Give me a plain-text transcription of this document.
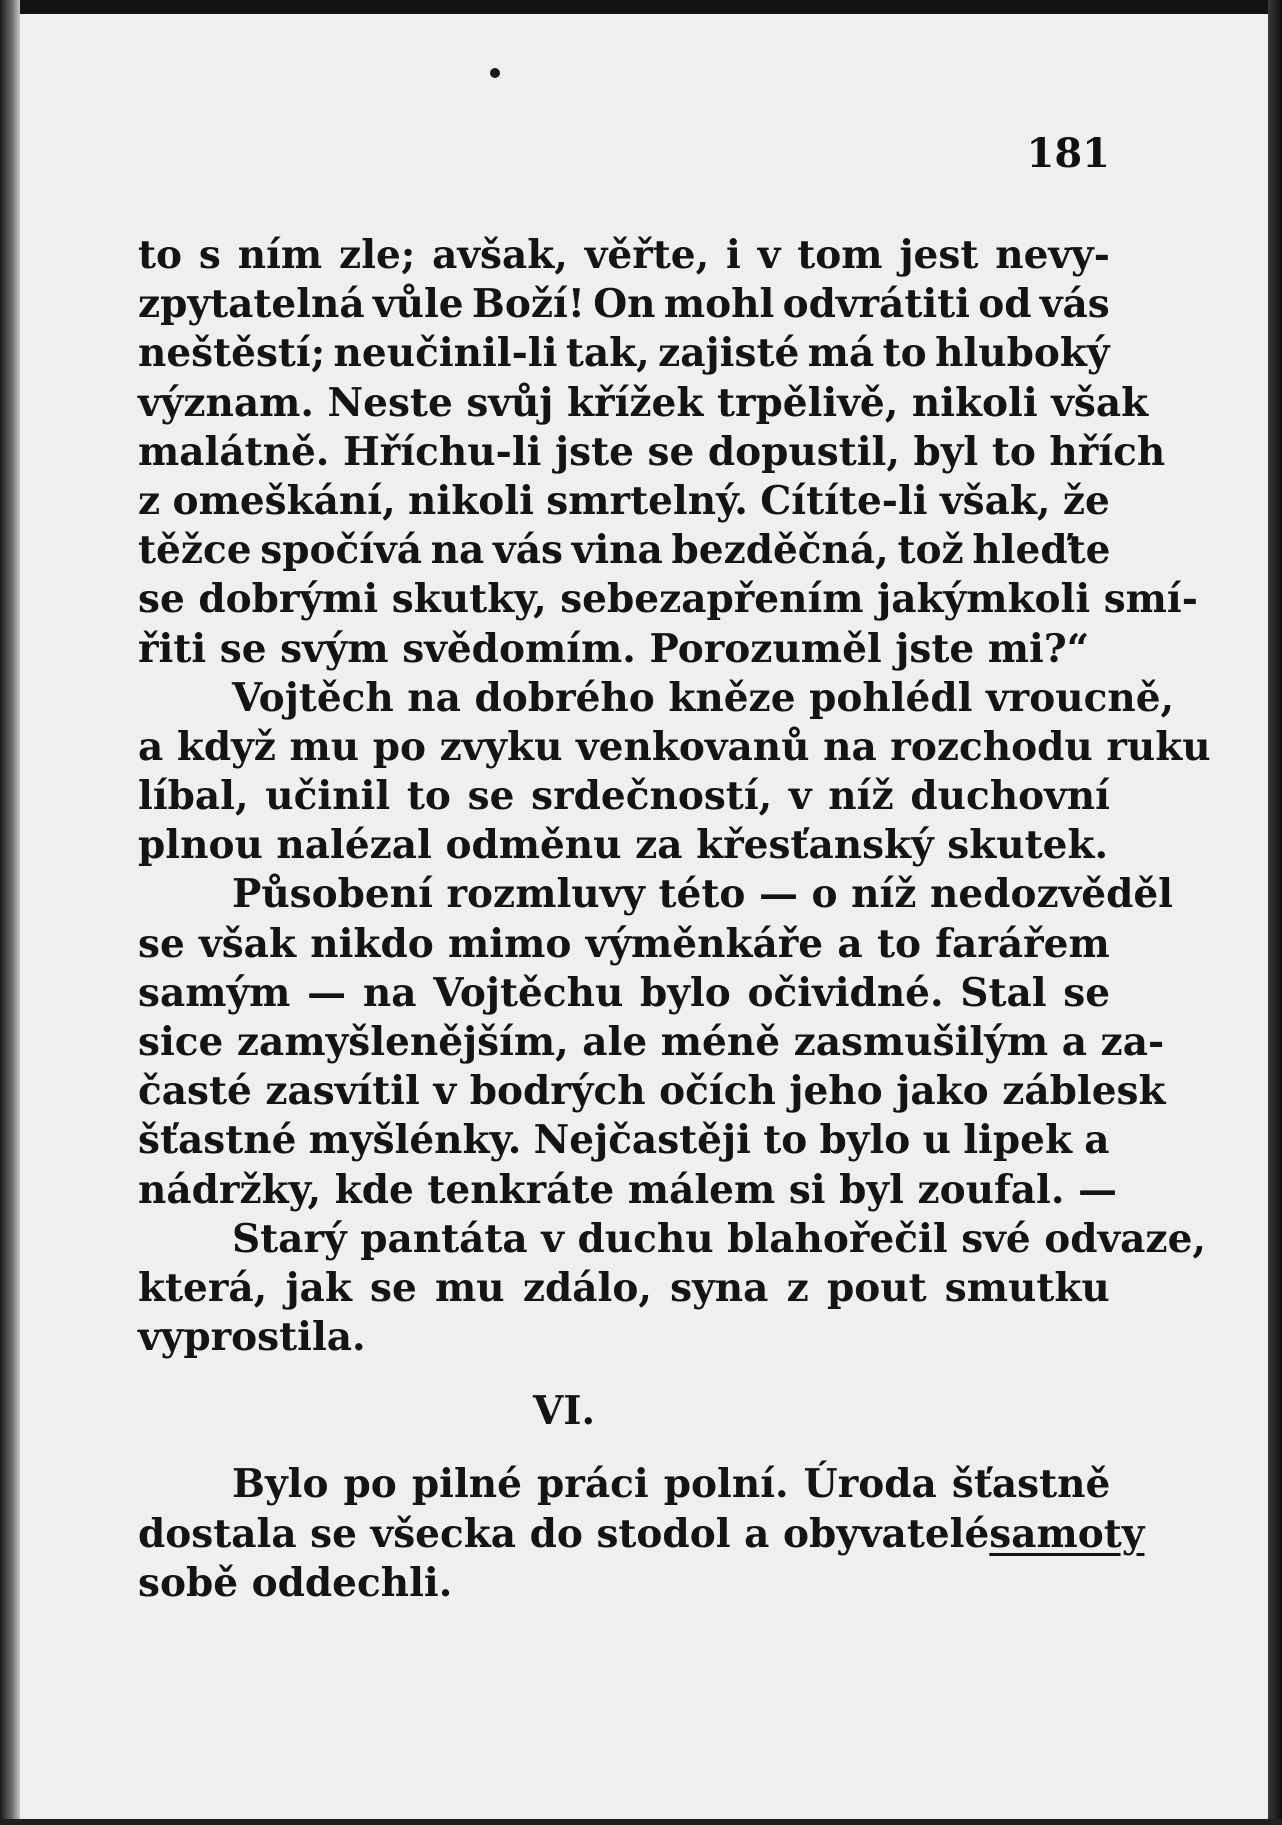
181
to s ním zle; avšak, věřte, i v tom jest nevy-
zpytatelná vůle Boží! On mohl odvrátiti od vás
neštěstí; neučinil-li tak, zajisté má to hluboký
význam. Neste svůj křížek trpělivě, nikoli však
malátně. Hříchu-li jste se dopustil, byl to hřích
z omeškání, nikoli smrtelný. Cítíte-li však, že
těžce spočívá na vás vina bezděčná, tož hleďte
se dobrými skutky, sebezapřením jakýmkoli smí-
řiti se svým svědomím. Porozuměl jste mi?“
Vojtěch na dobrého kněze pohlédl vroucně,
a když mu po zvyku venkovanů na rozchodu ruku
líbal, učinil to se srdečností, v níž duchovní
plnou nalézal odměnu za křesťanský skutek.
Působení rozmluvy této — o níž nedozvěděl
se však nikdo mimo výměnkáře a to farářem
samým — na Vojtěchu bylo očividné. Stal se
sice zamyšlenějším, ale méně zasmušilým a za-
časté zasvítil v bodrých očích jeho jako záblesk
šťastné myšlénky. Nejčastěji to bylo u lipek a
nádržky, kde tenkráte málem si byl zoufal. —
Starý pantáta v duchu blahořečil své odvaze,
která, jak se mu zdálo, syna z pout smutku
vyprostila.
VI.
Bylo po pilné práci polní. Úroda šťastně
dostala se všecka do stodol a obyvatelé samoty
sobě oddechli.
